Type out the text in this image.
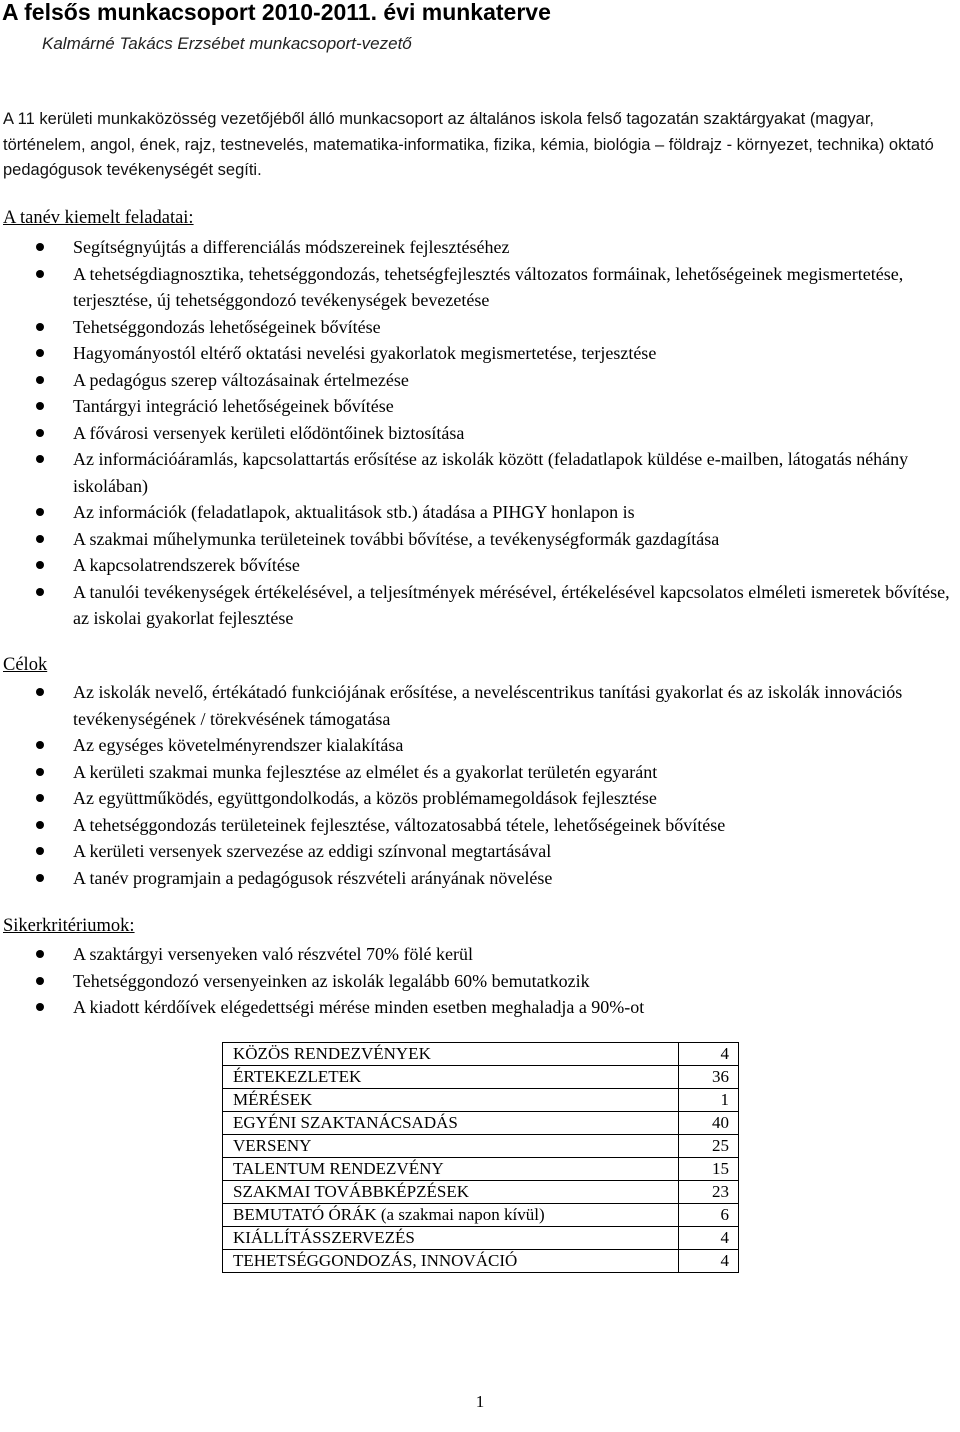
A felsős munkacsoport 2010-2011. évi munkaterve

Kalmárné Takács Erzsébet munkacsoport-vezető

A 11 kerületi munkaközösség vezetőjéből álló munkacsoport az általános iskola felső tagozatán szaktárgyakat (magyar, történelem, angol, ének, rajz, testnevelés, matematika-informatika, fizika, kémia, biológia – földrajz - környezet, technika) oktató pedagógusok tevékenységét segíti.

A tanév kiemelt feladatai:

Segítségnyújtás a differenciálás módszereinek fejlesztéséhez
A tehetségdiagnosztika, tehetséggondozás, tehetségfejlesztés változatos formáinak, lehetőségeinek megismertetése, terjesztése, új tehetséggondozó tevékenységek bevezetése
Tehetséggondozás lehetőségeinek bővítése
Hagyományostól eltérő oktatási nevelési gyakorlatok megismertetése, terjesztése
A pedagógus szerep változásainak értelmezése
Tantárgyi integráció lehetőségeinek bővítése
A fővárosi versenyek kerületi elődöntőinek biztosítása
Az információáramlás, kapcsolattartás erősítése az iskolák között (feladatlapok küldése e-mailben, látogatás néhány iskolában)
Az információk (feladatlapok, aktualitások stb.) átadása a PIHGY honlapon is
A szakmai műhelymunka területeinek további bővítése, a tevékenységformák gazdagítása
A kapcsolatrendszerek bővítése
A tanulói tevékenységek értékelésével, a teljesítmények mérésével, értékelésével kapcsolatos elméleti ismeretek bővítése, az iskolai gyakorlat fejlesztése

Célok

Az iskolák nevelő, értékátadó funkciójának erősítése, a neveléscentrikus tanítási gyakorlat és az iskolák innovációs tevékenységének / törekvésének támogatása
Az egységes követelményrendszer kialakítása
A kerületi szakmai munka fejlesztése az elmélet és a gyakorlat területén egyaránt
Az együttműködés, együttgondolkodás, a közös problémamegoldások fejlesztése
A tehetséggondozás területeinek fejlesztése, változatosabbá tétele, lehetőségeinek bővítése
A kerületi versenyek szervezése az eddigi színvonal megtartásával
A tanév programjain a pedagógusok részvételi arányának növelése

Sikerkritériumok:

A szaktárgyi versenyeken való részvétel 70% fölé kerül
Tehetséggondozó versenyeinken az iskolák legalább 60% bemutatkozik
A kiadott kérdőívek elégedettségi mérése minden esetben meghaladja a 90%-ot
KÖZÖS RENDEZVÉNYEK	4
ÉRTEKEZLETEK	36
MÉRÉSEK	1
EGYÉNI SZAKTANÁCSADÁS	40
VERSENY	25
TALENTUM RENDEZVÉNY	15
SZAKMAI TOVÁBBKÉPZÉSEK	23
BEMUTATÓ ÓRÁK (a szakmai napon kívül)	6
KIÁLLÍTÁSSZERVEZÉS	4
TEHETSÉGGONDOZÁS, INNOVÁCIÓ	4
1
